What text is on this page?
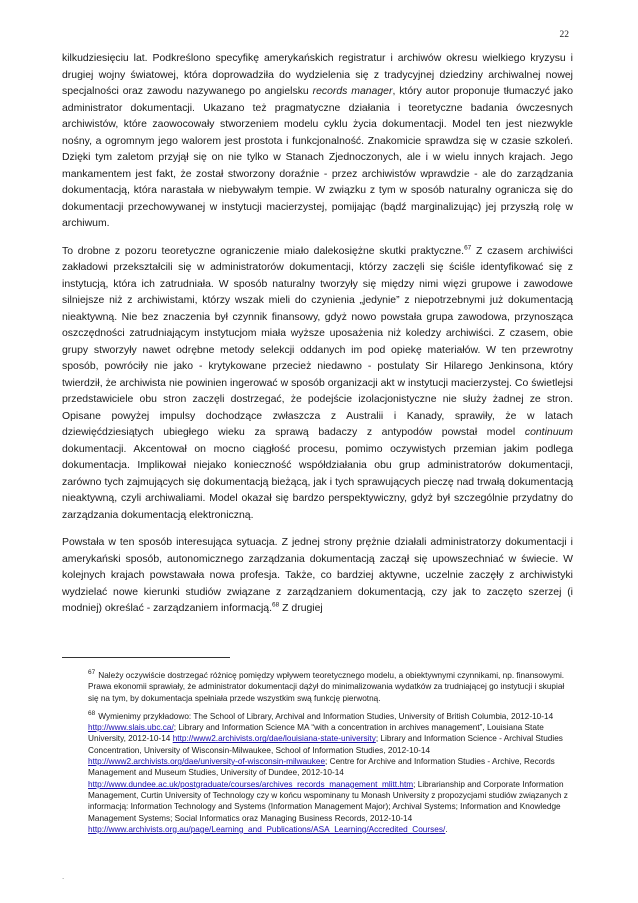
22

kilkudziesięciu lat. Podkreślono specyfikę amerykańskich registratur i archiwów okresu wielkiego kryzysu i drugiej wojny światowej, która doprowadziła do wydzielenia się z tradycyjnej dziedziny archiwalnej nowej specjalności oraz zawodu nazywanego po angielsku records manager, który autor proponuje tłumaczyć jako administrator dokumentacji. Ukazano też pragmatyczne działania i teoretyczne badania ówczesnych archiwistów, które zaowocowały stworzeniem modelu cyklu życia dokumentacji. Model ten jest niezwykle nośny, a ogromnym jego walorem jest prostota i funkcjonalność. Znakomicie sprawdza się w czasie szkoleń. Dzięki tym zaletom przyjął się on nie tylko w Stanach Zjednoczonych, ale i w wielu innych krajach. Jego mankamentem jest fakt, że został stworzony doraźnie - przez archiwistów wprawdzie - ale do zarządzania dokumentacją, która narastała w niebywałym tempie. W związku z tym w sposób naturalny ogranicza się do dokumentacji przechowywanej w instytucji macierzystej, pomijając (bądź marginalizując) jej przyszłą rolę w archiwum.

To drobne z pozoru teoretyczne ograniczenie miało dalekosiężne skutki praktyczne.$^{67}$ Z czasem archiwiści zakładowi przekształcili się w administratorów dokumentacji, którzy zaczęli się ściśle identyfikować się z instytucją, która ich zatrudniała. W sposób naturalny tworzyły się między nimi więzi grupowe i zawodowe silniejsze niż z archiwistami, którzy wszak mieli do czynienia „jedynie” z niepotrzebnymi już dokumentacją nieaktywną. Nie bez znaczenia był czynnik finansowy, gdyż nowo powstała grupa zawodowa, przynosząca oszczędności zatrudniającym instytucjom miała wyższe uposażenia niż koledzy archiwiści. Z czasem, obie grupy stworzyły nawet odrębne metody selekcji oddanych im pod opiekę materiałów. W ten przewrotny sposób, powróciły nie jako - krytykowane przecież niedawno - postulaty Sir Hilarego Jenkinsona, który twierdził, że archiwista nie powinien ingerować w sposób organizacji akt w instytucji macierzystej. Co świetlejsi przedstawiciele obu stron zaczęli dostrzegać, że podejście izolacjonistyczne nie służy żadnej ze stron. Opisane powyżej impulsy dochodzące zwłaszcza z Australii i Kanady, sprawiły, że w latach dziewięćdziesiątych ubiegłego wieku za sprawą badaczy z antypodów powstał model continuum dokumentacji. Akcentował on mocno ciągłość procesu, pomimo oczywistych przemian jakim podlega dokumentacja. Implikował niejako konieczność współdziałania obu grup administratorów dokumentacji, zarówno tych zajmujących się dokumentacją bieżącą, jak i tych sprawujących pieczę nad trwałą dokumentacją nieaktywną, czyli archiwaliami. Model okazał się bardzo perspektywiczny, gdyż był szczególnie przydatny do zarządzania dokumentacją elektroniczną.

Powstała w ten sposób interesująca sytuacja. Z jednej strony prężnie działali administratorzy dokumentacji i amerykański sposób, autonomicznego zarządzania dokumentacją zaczął się upowszechniać w świecie. W kolejnych krajach powstawała nowa profesja. Także, co bardziej aktywne, uczelnie zaczęły z archiwistyki wydzielać nowe kierunki studiów związane z zarządzaniem dokumentacją, czy jak to zaczęto szerzej (i modniej) określać - zarządzaniem informacją.$^{68}$ Z drugiej

$^{67}$ Należy oczywiście dostrzegać różnicę pomiędzy wpływem teoretycznego modelu, a obiektywnymi czynnikami, np. finansowymi. Prawa ekonomii sprawiały, że administrator dokumentacji dążył do minimalizowania wydatków za trudniającej go instytucji i skupiał się na tym, by dokumentacja spełniała przede wszystkim swą funkcję pierwotną.

$^{68}$ Wymienimy przykładowo: The School of Library, Archival and Information Studies, University of British Columbia, 2012-10-14 http://www.slais.ubc.ca/; Library and Information Science MA “with a concentration in archives management”, Louisiana State University, 2012-10-14 http://www2.archivists.org/dae/louisiana-state-university; Library and Information Science - Archival Studies Concentration, University of Wisconsin-Milwaukee, School of Information Studies, 2012-10-14 http://www2.archivists.org/dae/university-of-wisconsin-milwaukee; Centre for Archive and Information Studies - Archive, Records Management and Museum Studies, University of Dundee, 2012-10-14 http://www.dundee.ac.uk/postgraduate/courses/archives_records_management_mlitt.htm; Librarianship and Corporate Information Management, Curtin University of Technology czy w końcu wspominany tu Monash University z propozycjami studiów związanych z informacją: Information Technology and Systems (Information Management Major); Archival Systems; Information and Knowledge Management Systems; Social Informatics oraz Managing Business Records, 2012-10-14 http://www.archivists.org.au/page/Learning_and_Publications/ASA_Learning/Accredited_Courses/.

.
